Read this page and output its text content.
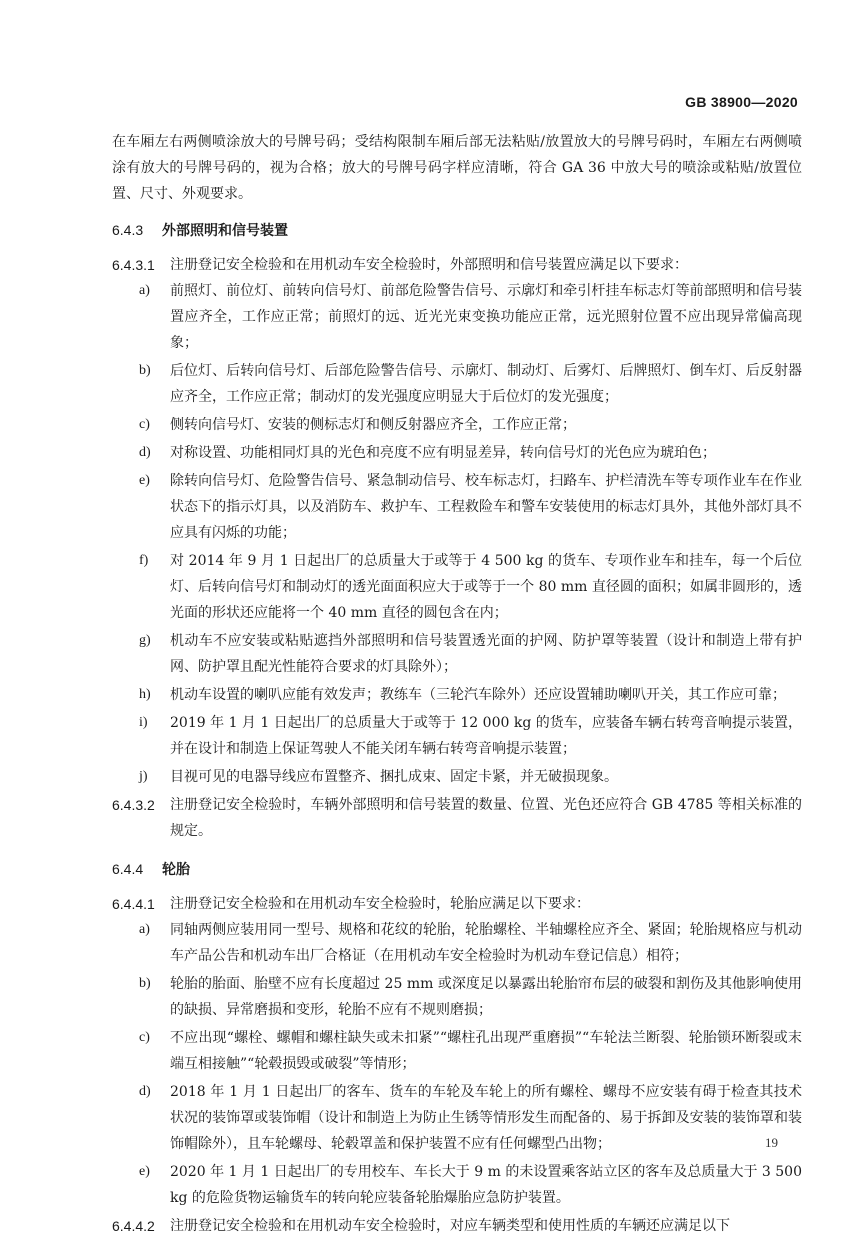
GB 38900—2020

在车厢左右两侧喷涂放大的号牌号码；受结构限制车厢后部无法粘贴/放置放大的号牌号码时，车厢左右两侧喷涂有放大的号牌号码的，视为合格；放大的号牌号码字样应清晰，符合 GA 36 中放大号的喷涂或粘贴/放置位置、尺寸、外观要求。

6.4.3 外部照明和信号装置
6.4.3.1 注册登记安全检验和在用机动车安全检验时，外部照明和信号装置应满足以下要求：
a) 前照灯、前位灯、前转向信号灯、前部危险警告信号、示廓灯和牵引杆挂车标志灯等前部照明和信号装置应齐全，工作应正常；前照灯的远、近光光束变换功能应正常，远光照射位置不应出现异常偏高现象；
b) 后位灯、后转向信号灯、后部危险警告信号、示廓灯、制动灯、后雾灯、后牌照灯、倒车灯、后反射器应齐全，工作应正常；制动灯的发光强度应明显大于后位灯的发光强度；
c) 侧转向信号灯、安装的侧标志灯和侧反射器应齐全，工作应正常；
d) 对称设置、功能相同灯具的光色和亮度不应有明显差异，转向信号灯的光色应为琥珀色；
e) 除转向信号灯、危险警告信号、紧急制动信号、校车标志灯，扫路车、护栏清洗车等专项作业车在作业状态下的指示灯具，以及消防车、救护车、工程救险车和警车安装使用的标志灯具外，其他外部灯具不应具有闪烁的功能；
f) 对 2014 年 9 月 1 日起出厂的总质量大于或等于 4 500 kg 的货车、专项作业车和挂车，每一个后位灯、后转向信号灯和制动灯的透光面面积应大于或等于一个 80 mm 直径圆的面积；如属非圆形的，透光面的形状还应能将一个 40 mm 直径的圆包含在内；
g) 机动车不应安装或粘贴遮挡外部照明和信号装置透光面的护网、防护罩等装置（设计和制造上带有护网、防护罩且配光性能符合要求的灯具除外）；
h) 机动车设置的喇叭应能有效发声；教练车（三轮汽车除外）还应设置辅助喇叭开关，其工作应可靠；
i) 2019 年 1 月 1 日起出厂的总质量大于或等于 12 000 kg 的货车，应装备车辆右转弯音响提示装置，并在设计和制造上保证驾驶人不能关闭车辆右转弯音响提示装置；
j) 目视可见的电器导线应布置整齐、捆扎成束、固定卡紧，并无破损现象。
6.4.3.2 注册登记安全检验时，车辆外部照明和信号装置的数量、位置、光色还应符合 GB 4785 等相关标准的规定。
6.4.4 轮胎
6.4.4.1 注册登记安全检验和在用机动车安全检验时，轮胎应满足以下要求：
a) 同轴两侧应装用同一型号、规格和花纹的轮胎，轮胎螺栓、半轴螺栓应齐全、紧固；轮胎规格应与机动车产品公告和机动车出厂合格证（在用机动车安全检验时为机动车登记信息）相符；
b) 轮胎的胎面、胎壁不应有长度超过 25 mm 或深度足以暴露出轮胎帘布层的破裂和割伤及其他影响使用的缺损、异常磨损和变形，轮胎不应有不规则磨损；
c) 不应出现“螺栓、螺帽和螺柱缺失或未扣紧”“螺柱孔出现严重磨损”“车轮法兰断裂、轮胎锁环断裂或末端互相接触”“轮毂损毁或破裂”等情形；
d) 2018 年 1 月 1 日起出厂的客车、货车的车轮及车轮上的所有螺栓、螺母不应安装有碍于检查其技术状况的装饰罩或装饰帽（设计和制造上为防止生锈等情形发生而配备的、易于拆卸及安装的装饰罩和装饰帽除外），且车轮螺母、轮毂罩盖和保护装置不应有任何螺型凸出物；
e) 2020 年 1 月 1 日起出厂的专用校车、车长大于 9 m 的未设置乘客站立区的客车及总质量大于 3 500 kg 的危险货物运输货车的转向轮应装备轮胎爆胎应急防护装置。
6.4.4.2 注册登记安全检验和在用机动车安全检验时，对应车辆类型和使用性质的车辆还应满足以下
19
